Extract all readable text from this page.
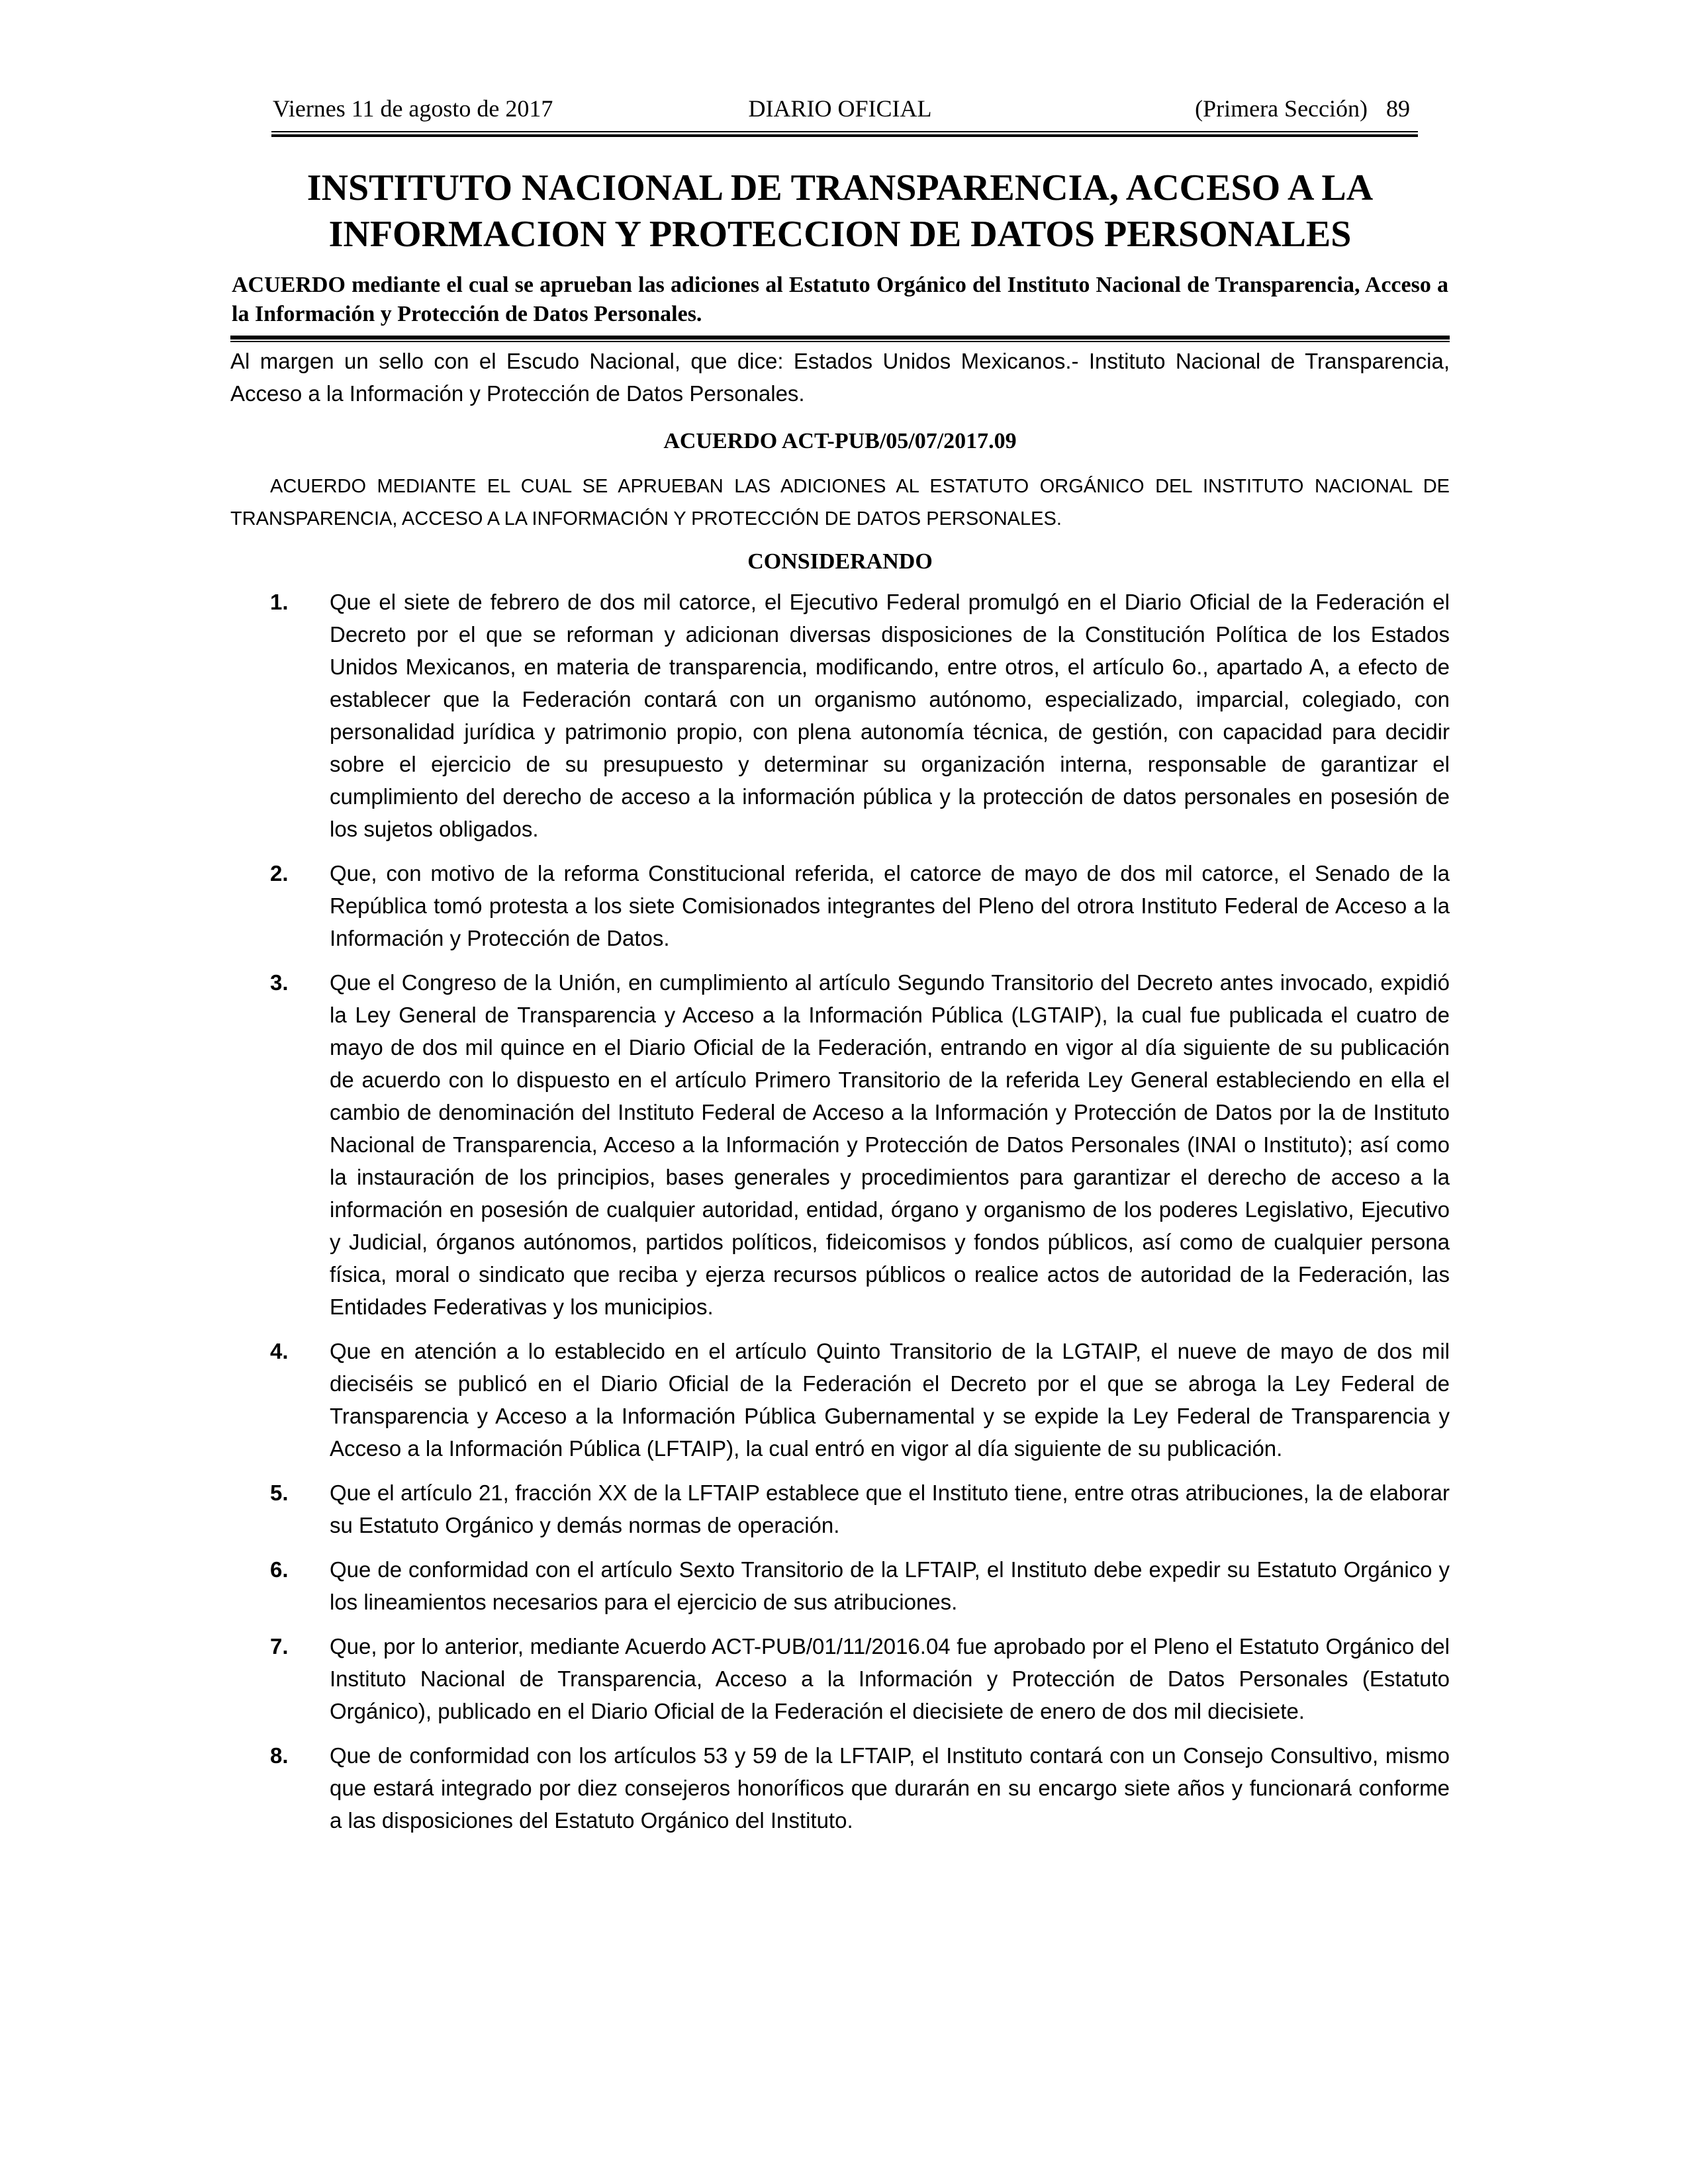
Viernes 11 de agosto de 2017	DIARIO OFICIAL	(Primera Sección) 89
INSTITUTO NACIONAL DE TRANSPARENCIA, ACCESO A LA
INFORMACION Y PROTECCION DE DATOS PERSONALES
ACUERDO mediante el cual se aprueban las adiciones al Estatuto Orgánico del Instituto Nacional de Transparencia, Acceso a la Información y Protección de Datos Personales.
Al margen un sello con el Escudo Nacional, que dice: Estados Unidos Mexicanos.- Instituto Nacional de Transparencia, Acceso a la Información y Protección de Datos Personales.
ACUERDO ACT-PUB/05/07/2017.09
ACUERDO MEDIANTE EL CUAL SE APRUEBAN LAS ADICIONES AL ESTATUTO ORGÁNICO DEL INSTITUTO NACIONAL DE TRANSPARENCIA, ACCESO A LA INFORMACIÓN Y PROTECCIÓN DE DATOS PERSONALES.
CONSIDERANDO
1. Que el siete de febrero de dos mil catorce, el Ejecutivo Federal promulgó en el Diario Oficial de la Federación el Decreto por el que se reforman y adicionan diversas disposiciones de la Constitución Política de los Estados Unidos Mexicanos, en materia de transparencia, modificando, entre otros, el artículo 6o., apartado A, a efecto de establecer que la Federación contará con un organismo autónomo, especializado, imparcial, colegiado, con personalidad jurídica y patrimonio propio, con plena autonomía técnica, de gestión, con capacidad para decidir sobre el ejercicio de su presupuesto y determinar su organización interna, responsable de garantizar el cumplimiento del derecho de acceso a la información pública y la protección de datos personales en posesión de los sujetos obligados.
2. Que, con motivo de la reforma Constitucional referida, el catorce de mayo de dos mil catorce, el Senado de la República tomó protesta a los siete Comisionados integrantes del Pleno del otrora Instituto Federal de Acceso a la Información y Protección de Datos.
3. Que el Congreso de la Unión, en cumplimiento al artículo Segundo Transitorio del Decreto antes invocado, expidió la Ley General de Transparencia y Acceso a la Información Pública (LGTAIP), la cual fue publicada el cuatro de mayo de dos mil quince en el Diario Oficial de la Federación, entrando en vigor al día siguiente de su publicación de acuerdo con lo dispuesto en el artículo Primero Transitorio de la referida Ley General estableciendo en ella el cambio de denominación del Instituto Federal de Acceso a la Información y Protección de Datos por la de Instituto Nacional de Transparencia, Acceso a la Información y Protección de Datos Personales (INAI o Instituto); así como la instauración de los principios, bases generales y procedimientos para garantizar el derecho de acceso a la información en posesión de cualquier autoridad, entidad, órgano y organismo de los poderes Legislativo, Ejecutivo y Judicial, órganos autónomos, partidos políticos, fideicomisos y fondos públicos, así como de cualquier persona física, moral o sindicato que reciba y ejerza recursos públicos o realice actos de autoridad de la Federación, las Entidades Federativas y los municipios.
4. Que en atención a lo establecido en el artículo Quinto Transitorio de la LGTAIP, el nueve de mayo de dos mil dieciséis se publicó en el Diario Oficial de la Federación el Decreto por el que se abroga la Ley Federal de Transparencia y Acceso a la Información Pública Gubernamental y se expide la Ley Federal de Transparencia y Acceso a la Información Pública (LFTAIP), la cual entró en vigor al día siguiente de su publicación.
5. Que el artículo 21, fracción XX de la LFTAIP establece que el Instituto tiene, entre otras atribuciones, la de elaborar su Estatuto Orgánico y demás normas de operación.
6. Que de conformidad con el artículo Sexto Transitorio de la LFTAIP, el Instituto debe expedir su Estatuto Orgánico y los lineamientos necesarios para el ejercicio de sus atribuciones.
7. Que, por lo anterior, mediante Acuerdo ACT-PUB/01/11/2016.04 fue aprobado por el Pleno el Estatuto Orgánico del Instituto Nacional de Transparencia, Acceso a la Información y Protección de Datos Personales (Estatuto Orgánico), publicado en el Diario Oficial de la Federación el diecisiete de enero de dos mil diecisiete.
8. Que de conformidad con los artículos 53 y 59 de la LFTAIP, el Instituto contará con un Consejo Consultivo, mismo que estará integrado por diez consejeros honoríficos que durarán en su encargo siete años y funcionará conforme a las disposiciones del Estatuto Orgánico del Instituto.
